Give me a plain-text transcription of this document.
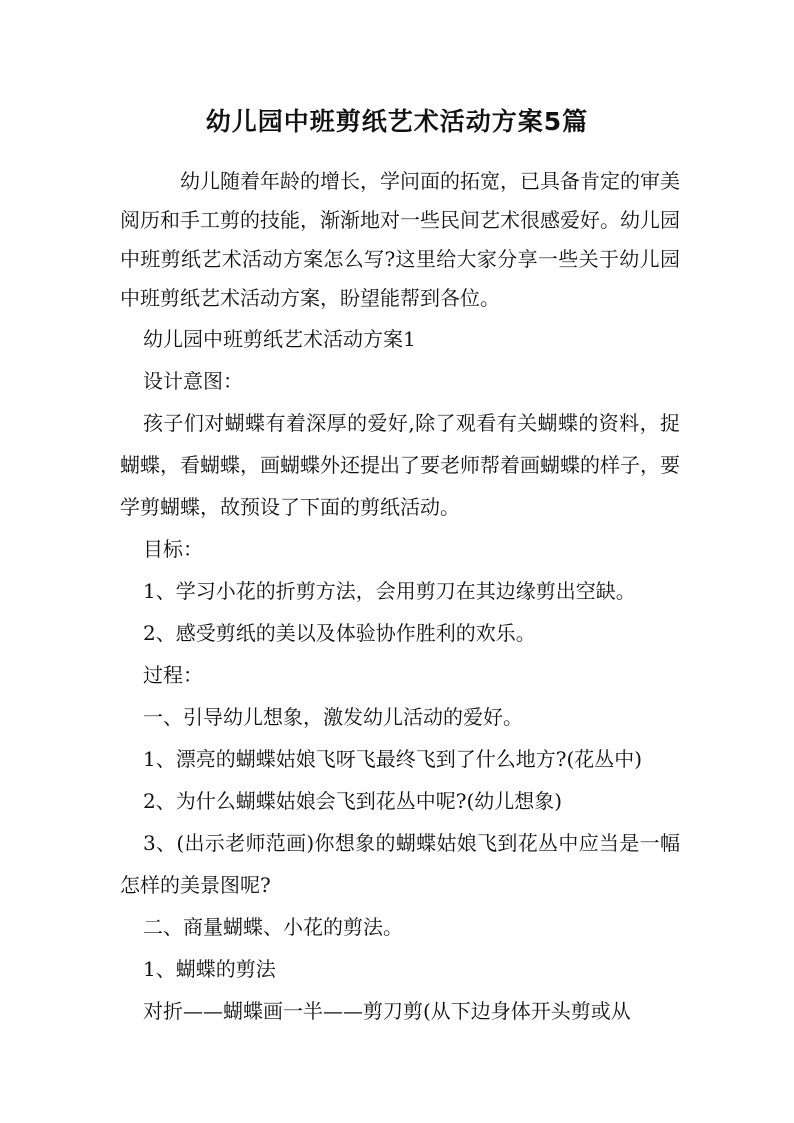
幼儿园中班剪纸艺术活动方案5篇

幼儿随着年龄的增长，学问面的拓宽，已具备肯定的审美阅历和手工剪的技能，渐渐地对一些民间艺术很感爱好。幼儿园中班剪纸艺术活动方案怎么写?这里给大家分享一些关于幼儿园中班剪纸艺术活动方案，盼望能帮到各位。

幼儿园中班剪纸艺术活动方案1

设计意图：

孩子们对蝴蝶有着深厚的爱好,除了观看有关蝴蝶的资料，捉蝴蝶，看蝴蝶，画蝴蝶外还提出了要老师帮着画蝴蝶的样子，要学剪蝴蝶，故预设了下面的剪纸活动。

目标：

1、学习小花的折剪方法，会用剪刀在其边缘剪出空缺。

2、感受剪纸的美以及体验协作胜利的欢乐。

过程：

一、引导幼儿想象，激发幼儿活动的爱好。

1、漂亮的蝴蝶姑娘飞呀飞最终飞到了什么地方?(花丛中)

2、为什么蝴蝶姑娘会飞到花丛中呢?(幼儿想象)

3、(出示老师范画)你想象的蝴蝶姑娘飞到花丛中应当是一幅怎样的美景图呢?

二、商量蝴蝶、小花的剪法。

1、蝴蝶的剪法

对折——蝴蝶画一半——剪刀剪(从下边身体开头剪或从
